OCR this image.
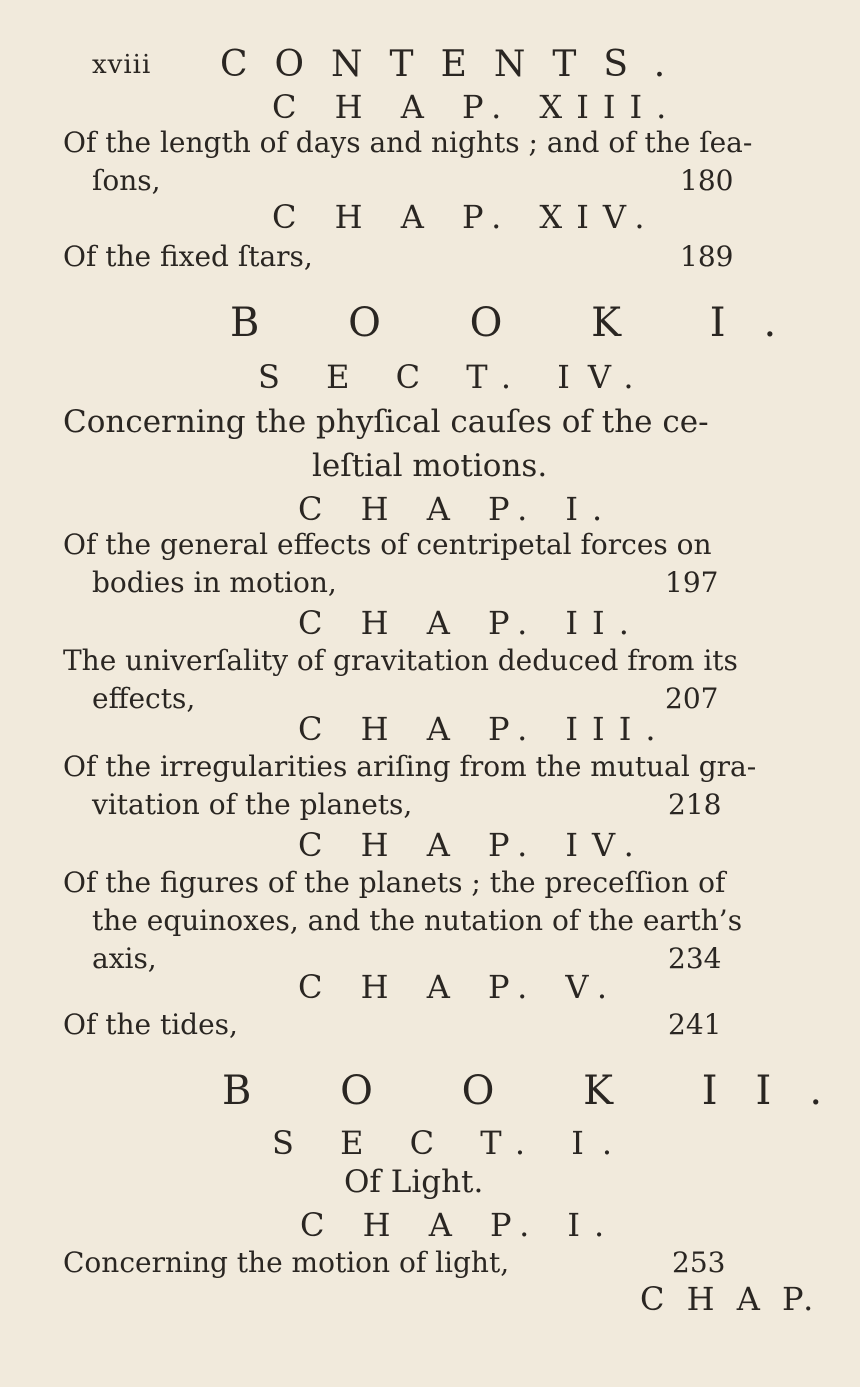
xviii CONTENTS.
C H A P. XIII.
Of the length of days and nights ; and of the ſea-
ſons,	180
C H A P. XIV.
Of the fixed ſtars,	189
B O O K I.
S E C T. IV.
Concerning the phyſical cauſes of the ce-
leſtial motions.
C H A P. I.
Of the general effects of centripetal forces on
bodies in motion,	197
C H A P. II.
The univerſality of gravitation deduced from its
effects,	207
C H A P. III.
Of the irregularities ariſing from the mutual gra-
vitation of the planets,	218
C H A P. IV.
Of the figures of the planets ; the preceſſion of
the equinoxes, and the nutation of the earth’s
axis,	234
C H A P. V.
Of the tides,	241
B O O K II.
S E C T. I.
Of Light.
C H A P. I.
Concerning the motion of light,	253
C H A P.
